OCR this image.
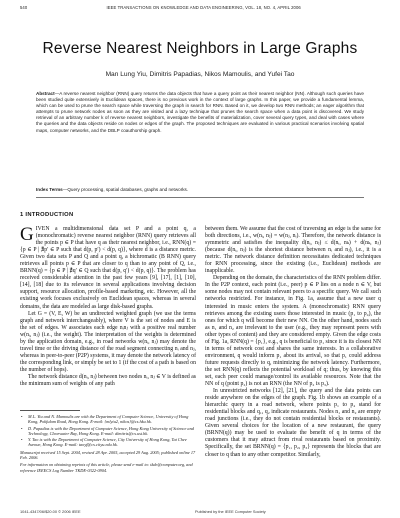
540	IEEE TRANSACTIONS ON KNOWLEDGE AND DATA ENGINEERING, VOL. 18, NO. 4, APRIL 2006
Reverse Nearest Neighbors in Large Graphs
Man Lung Yiu, Dimitris Papadias, Nikos Mamoulis, and Yufei Tao
Abstract—A reverse nearest neighbor (RNN) query returns the data objects that have a query point as their nearest neighbor (NN). Although such queries have been studied quite extensively in Euclidean spaces, there is no previous work in the context of large graphs. In this paper, we provide a fundamental lemma, which can be used to prune the search space while traversing the graph in search for RNN. Based on it, we develop two RNN methods; an eager algorithm that attempts to prune network nodes as soon as they are visited and a lazy technique that prunes the search space when a data point is discovered. We study retrieval of an arbitrary number k of reverse nearest neighbors, investigate the benefits of materialization, cover several query types, and deal with cases where the queries and the data objects reside on nodes or edges of the graph. The proposed techniques are evaluated in various practical scenarios involving spatial maps, computer networks, and the DBLP coauthorship graph.
Index Terms—Query processing, spatial databases, graphs and networks.
1 INTRODUCTION

GIVEN a multidimensional data set P and a point q, a (monochromatic) reverse nearest neighbor (RNN) query retrieves all the points p ∈ P that have q as their nearest neighbor, i.e., RNN(q) = {p ∈ P | ∄p′ ∈ P such that d(p, p′) < d(p, q)}, where d is a distance metric. Given two data sets P and Q and a point q, a bichromatic (B RNN) query retrieves all points p ∈ P that are closer to q than to any point of Q, i.e., BRNN(q) = {p ∈ P | ∄q′ ∈ Q such that d(p, q′) < d(p, q)}. The problem has received considerable attention in the past few years [9], [17], [1], [10], [14], [18] due to its relevance in several applications involving decision support, resource allocation, profile-based marketing, etc. However, all the existing work focuses exclusively on Euclidean spaces, whereas in several domains, the data are modeled as large disk-based graphs.

Let G = (V, E, W) be an undirected weighted graph (we use the terms graph and network interchangeably), where V is the set of nodes and E is the set of edges. W associates each edge nᵢnⱼ with a positive real number w(nᵢ, nⱼ) (i.e., the weight). The interpretation of the weights is determined by the application domain, e.g., in road networks w(nᵢ, nⱼ) may denote the travel time or the driving distance of the road segment connecting nᵢ and nⱼ, whereas in peer-to-peer (P2P) systems, it may denote the network latency of the corresponding link, or simply be set to 1 (if the cost of a path is based on the number of hops).

The network distance d(nᵢ, nⱼ) between two nodes nᵢ, nⱼ ∈ V is defined as the minimum sum of weights of any path

• M.L. Yiu and N. Mamoulis are with the Department of Computer Science, University of Hong Kong, Pokfulam Road, Hong Kong. E-mail: {mlyiu2, nikos}@cs.hku.hk.
• D. Papadias is with the Department of Computer Science, Hong Kong University of Science and Technology, Clearwater Bay, Hong Kong. E-mail: dimitris@cs.ust.hk.
• Y. Tao is with the Department of Computer Science, City University of Hong Kong, Tat Chee Avenue, Hong Kong. E-mail: taoyf@cs.cityu.edu.hk.
Manuscript received 15 Sept. 2004, revised 28 Apr. 2005, accepted 29 Aug. 2005; published online 17 Feb. 2006.
For information on obtaining reprints of this article, please send e-mail to: tkde@computer.org, and reference IEEECS Log Number TKDE-0322-0904.

between them. We assume that the cost of traversing an edge is the same for both directions, i.e., w(nᵢ, nⱼ) = w(nⱼ, nᵢ). Therefore, the network distance is symmetric and satisfies the inequality d(nᵢ, nⱼ) ≤ d(nᵢ, nₖ) + d(nₖ, nⱼ) (because d(nᵢ, nⱼ) is the shortest distance between nᵢ and nⱼ), i.e., it is a metric. The network distance definition necessitates dedicated techniques for RNN processing, since the existing (i.e., Euclidean) methods are inapplicable.

Depending on the domain, the characteristics of the RNN problem differ. In the P2P context, each point (i.e., peer) p ∈ P lies on a node n ∈ V, but some nodes may not contain relevant peers to a specific query. We call such networks restricted. For instance, in Fig. 1a, assume that a new user q interested in music enters the system. A (monochromatic) RNN query retrieves among the existing users those interested in music (p₁ to p₄), the ones for which q will become their new NN. On the other hand, nodes such as n₁ and n₂ are irrelevant to the user (e.g., they may represent peers with other types of content) and they are considered empty. Given the edge costs of Fig. 1a, RNN(q) = {p₁}, e.g., q is beneficial to p₁ since it is its closest NN in terms of network cost and shares the same interests. In a collaborative environment, q would inform p₁ about its arrival, so that p₁ could address future requests directly to q, minimizing the network latency. Furthermore, the set RNN(q) reflects the potential workload of q; thus, by knowing this set, each peer could manage/control its available resources. Note that the NN of q (point p₂) is not an RNN (the NN of p₂ is p₃).

In unrestricted networks [12], [21], the query and the data points can reside anywhere on the edges of the graph. Fig. 1b shows an example of a hierarchic query in a road network, where points p₁ to p₄ stand for residential blocks and q₁, q₂ indicate restaurants. Nodes n₁ and n₂ are empty road junctions (i.e., they do not contain residential blocks or restaurants). Given several choices for the location of a new restaurant, the query (BRNN(q)) may be used to evaluate the benefit of q in terms of the customers that it may attract from rival restaurants based on proximity. Specifically, the set BRNN(q) = {p₁, p₂, p₃} represents the blocks that are closer to q than to any other competitor. Similarly,

1041-4347/06/$20.00 © 2006 IEEE	Published by the IEEE Computer Society
